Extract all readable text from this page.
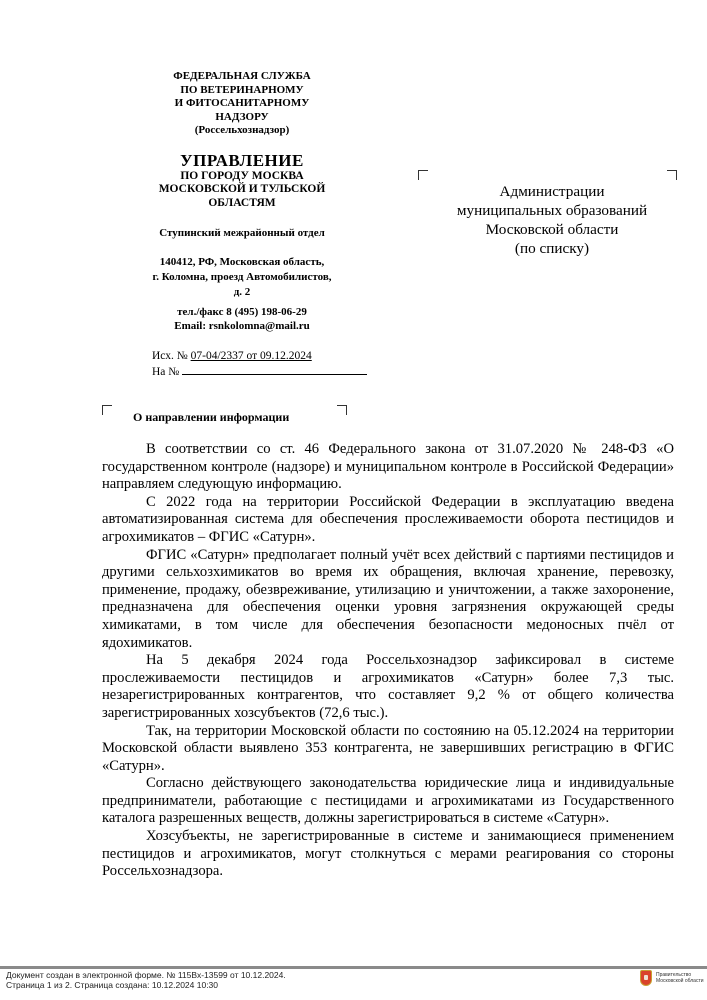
ФЕДЕРАЛЬНАЯ СЛУЖБА
ПО ВЕТЕРИНАРНОМУ
И ФИТОСАНИТАРНОМУ
НАДЗОРУ
(Россельхознадзор)
УПРАВЛЕНИЕ
ПО ГОРОДУ МОСКВА
МОСКОВСКОЙ И ТУЛЬСКОЙ
ОБЛАСТЯМ
Ступинский межрайонный отдел
140412, РФ, Московская область,
г. Коломна, проезд Автомобилистов,
д. 2
тел./факс 8 (495) 198-06-29
Email: rsnkolomna@mail.ru
Исх. № 07-04/2337 от 09.12.2024
На №
Администрации
муниципальных образований
Московской области
(по списку)
О направлении информации

В соответствии со ст. 46 Федерального закона от 31.07.2020 № 248-ФЗ «О государственном контроле (надзоре) и муниципальном контроле в Российской Федерации» направляем следующую информацию.

С 2022 года на территории Российской Федерации в эксплуатацию введена автоматизированная система для обеспечения прослеживаемости оборота пестицидов и агрохимикатов – ФГИС «Сатурн».

ФГИС «Сатурн» предполагает полный учёт всех действий с партиями пестицидов и другими сельхозхимикатов во время их обращения, включая хранение, перевозку, применение, продажу, обезвреживание, утилизацию и уничтожении, а также захоронение, предназначена для обеспечения оценки уровня загрязнения окружающей среды химикатами, в том числе для обеспечения безопасности медоносных пчёл от ядохимикатов.

На 5 декабря 2024 года Россельхознадзор зафиксировал в системе прослеживаемости пестицидов и агрохимикатов «Сатурн» более 7,3 тыс. незарегистрированных контрагентов, что составляет 9,2 % от общего количества зарегистрированных хозсубъектов (72,6 тыс.).

Так, на территории Московской области по состоянию на 05.12.2024 на территории Московской области выявлено 353 контрагента, не завершивших регистрацию в ФГИС «Сатурн».

Согласно действующего законодательства юридические лица и индивидуальные предприниматели, работающие с пестицидами и агрохимикатами из Государственного каталога разрешенных веществ, должны зарегистрироваться в системе «Сатурн».

Хозсубъекты, не зарегистрированные в системе и занимающиеся применением пестицидов и агрохимикатов, могут столкнуться с мерами реагирования со стороны Россельхознадзора.

Документ создан в электронной форме. № 115Вх-13599 от 10.12.2024.
Страница 1 из 2. Страница создана: 10.12.2024 10:30
Правительство
Московской области
